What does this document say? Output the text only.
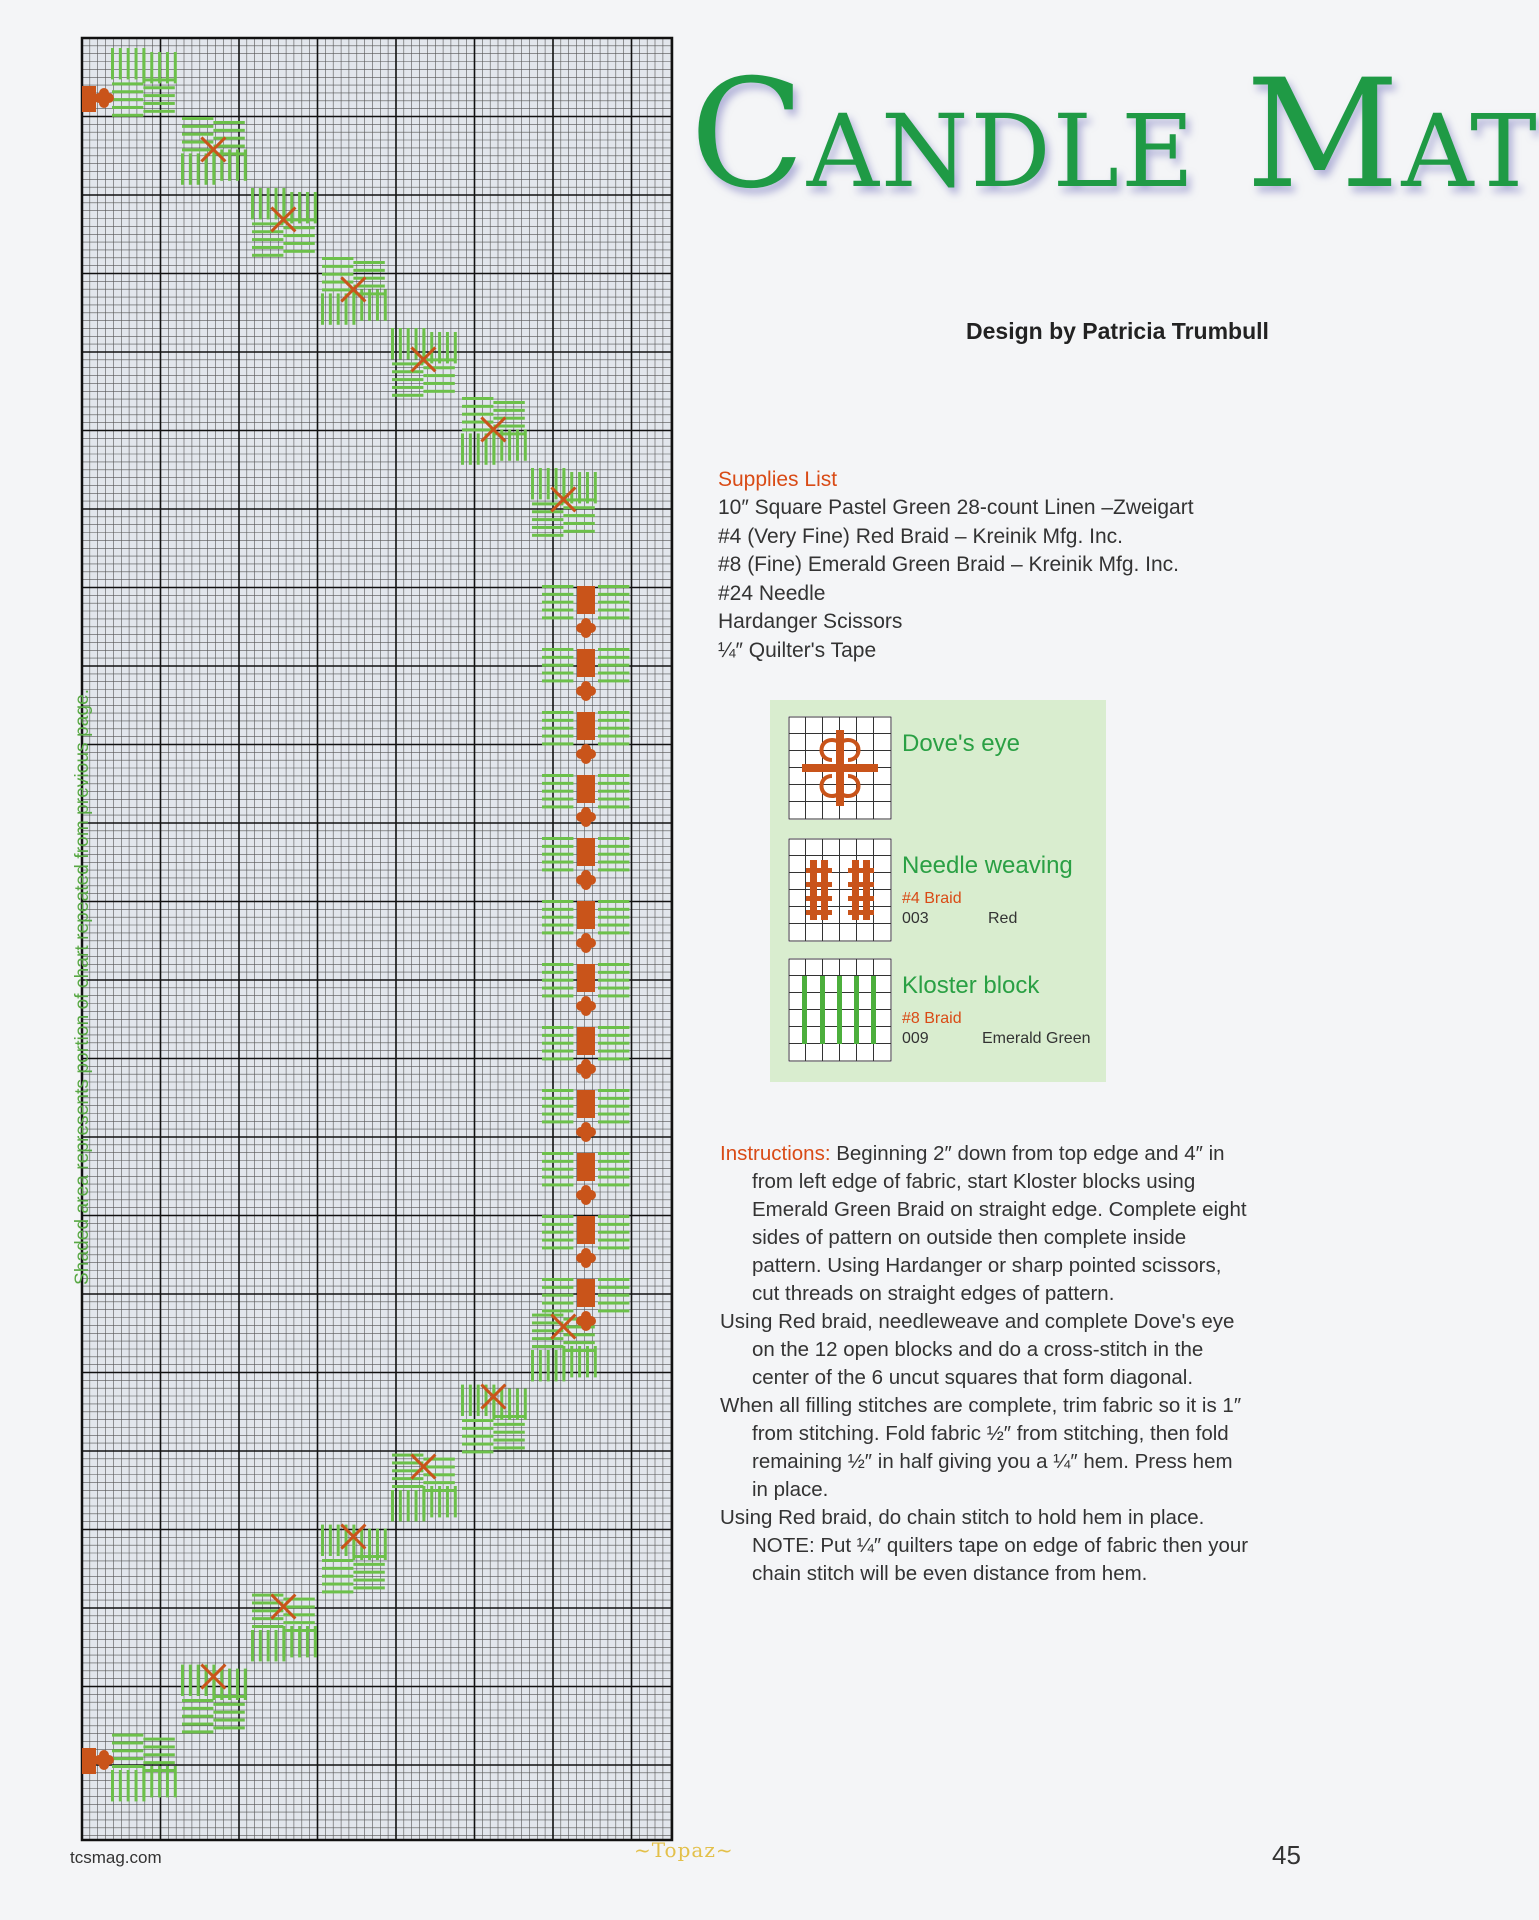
Shaded area represents portion of chart repeated from previous page.
CANDLE MAT
Design by Patricia Trumbull
Supplies List
10″ Square Pastel Green 28-count Linen –Zweigart
#4 (Very Fine) Red Braid – Kreinik Mfg. Inc.
#8 (Fine) Emerald Green Braid – Kreinik Mfg. Inc.
#24 Needle
Hardanger Scissors
¼″ Quilter's Tape
Dove's eye
Needle weaving
#4 Braid
003	Red
Kloster block
#8 Braid
009	Emerald Green

Instructions: Beginning 2″ down from top edge and 4″ in from left edge of fabric, start Kloster blocks using Emerald Green Braid on straight edge. Complete eight sides of pattern on outside then complete inside pattern. Using Hardanger or sharp pointed scissors, cut threads on straight edges of pattern.

Using Red braid, needleweave and complete Dove's eye on the 12 open blocks and do a cross-stitch in the center of the 6 uncut squares that form diagonal.

When all filling stitches are complete, trim fabric so it is 1″ from stitching. Fold fabric ½″ from stitching, then fold remaining ½″ in half giving you a ¼″ hem. Press hem in place.

Using Red braid, do chain stitch to hold hem in place. NOTE: Put ¼″ quilters tape on edge of fabric then your chain stitch will be even distance from hem.

tcsmag.com	~Topaz~	45
